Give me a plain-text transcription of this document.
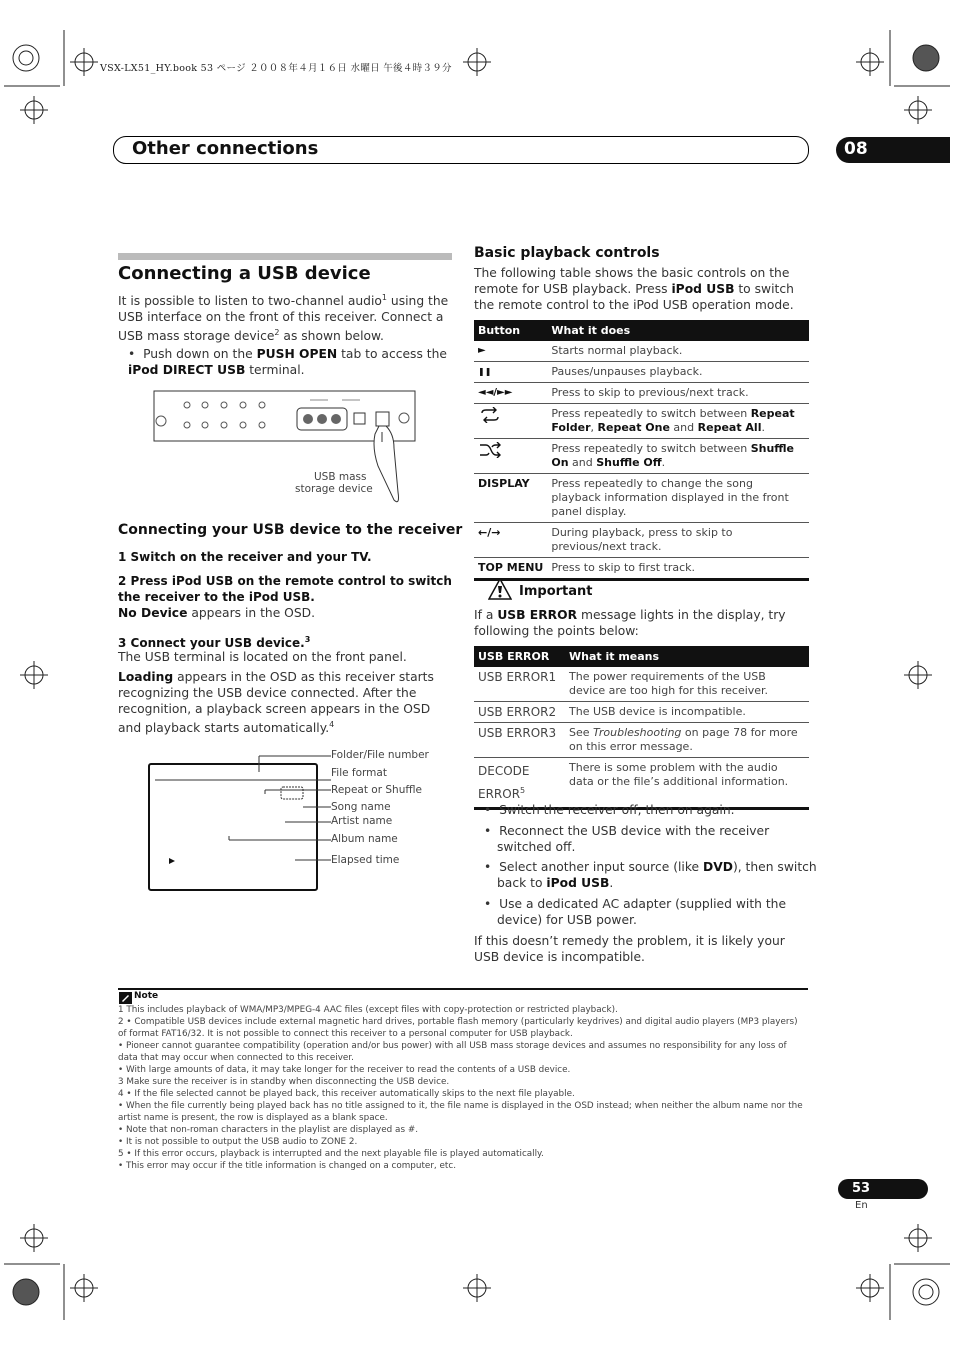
VSX-LX51_HY.book 53 ページ ２００８年４月１６日 水曜日 午後４時３９分
Other connections	08
Connecting a USB device

It is possible to listen to two-channel audio$^1$ using the USB interface on the front of this receiver. Connect a USB mass storage device$^2$ as shown below.

•  Push down on the PUSH OPEN tab to access the iPod DIRECT USB terminal.

USB mass
storage device
Connecting your USB device to the receiver

1 Switch on the receiver and your TV.

2 Press iPod USB on the remote control to switch the receiver to the iPod USB.

No Device appears in the OSD.

3 Connect your USB device.$^3$

The USB terminal is located on the front panel.

Loading appears in the OSD as this receiver starts recognizing the USB device connected. After the recognition, a playback screen appears in the OSD and playback starts automatically.$^4$

Folder/File number
File format
Repeat or Shuffle
Song name
Artist name
Album name
Elapsed time
Basic playback controls

The following table shows the basic controls on the remote for USB playback. Press iPod USB to switch the remote control to the iPod USB operation mode.

Button	What it does
►	Starts normal playback.
❚❚	Pauses/unpauses playback.
◄◄/►►	Press to skip to previous/next track.
	Press repeatedly to switch between Repeat Folder, Repeat One and Repeat All.
	Press repeatedly to switch between Shuffle On and Shuffle Off.
DISPLAY	Press repeatedly to change the song playback information displayed in the front panel display.
←/→	During playback, press to skip to previous/next track.
TOP MENU	Press to skip to first track.
Important

If a USB ERROR message lights in the display, try following the points below:

USB ERROR	What it means
USB ERROR1	The power requirements of the USB device are too high for this receiver.
USB ERROR2	The USB device is incompatible.
USB ERROR3	See Troubleshooting on page 78 for more on this error message.
DECODE ERROR$^5$	There is some problem with the audio data or the file’s additional information.

•  Switch the receiver off, then on again.

•  Reconnect the USB device with the receiver switched off.

•  Select another input source (like DVD), then switch back to iPod USB.

•  Use a dedicated AC adapter (supplied with the device) for USB power.

If this doesn’t remedy the problem, it is likely your USB device is incompatible.

Note
1 This includes playback of WMA/MP3/MPEG-4 AAC files (except files with copy-protection or restricted playback).
2 • Compatible USB devices include external magnetic hard drives, portable flash memory (particularly keydrives) and digital audio players (MP3 players) of format FAT16/32. It is not possible to connect this receiver to a personal computer for USB playback.
• Pioneer cannot guarantee compatibility (operation and/or bus power) with all USB mass storage devices and assumes no responsibility for any loss of data that may occur when connected to this receiver.
• With large amounts of data, it may take longer for the receiver to read the contents of a USB device.
3 Make sure the receiver is in standby when disconnecting the USB device.
4 • If the file selected cannot be played back, this receiver automatically skips to the next file playable.
• When the file currently being played back has no title assigned to it, the file name is displayed in the OSD instead; when neither the album name nor the artist name is present, the row is displayed as a blank space.
• Note that non-roman characters in the playlist are displayed as #.
• It is not possible to output the USB audio to ZONE 2.
5 • If this error occurs, playback is interrupted and the next playable file is played automatically.
• This error may occur if the title information is changed on a computer, etc.
53
En
